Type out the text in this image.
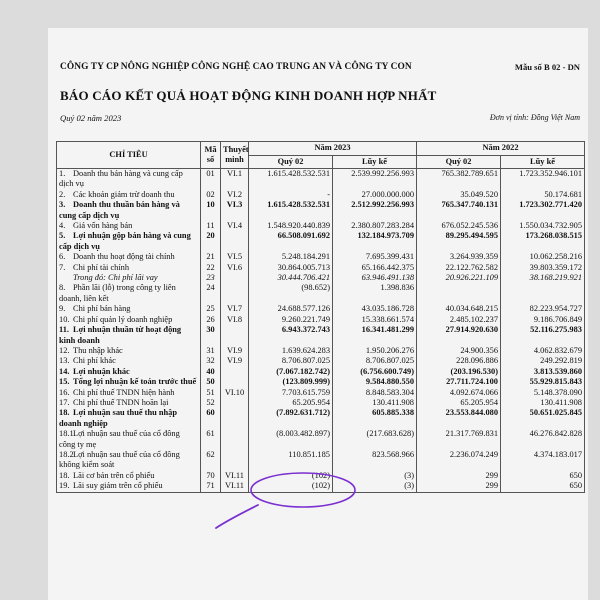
CÔNG TY CP NÔNG NGHIỆP CÔNG NGHỆ CAO TRUNG AN VÀ CÔNG TY CON	Mẫu số B 02 - DN
BÁO CÁO KẾT QUẢ HOẠT ĐỘNG KINH DOANH HỢP NHẤT
Quý 02 năm 2023	Đơn vị tính: Đồng Việt Nam
CHỈ TIÊU	Mã số	Thuyết minh	Năm 2023		Năm 2022	
			Quý 02	Lũy kế	Quý 02	Lũy kế
1. Doanh thu bán hàng và cung cấp dịch vụ	01	VI.1	1.615.428.532.531	2.539.992.256.993	765.382.789.651	1.723.352.946.101
2. Các khoản giảm trừ doanh thu	02	VI.2	-	27.000.000.000	35.049.520	50.174.681
3. Doanh thu thuần bán hàng và cung cấp dịch vụ	10	VI.3	1.615.428.532.531	2.512.992.256.993	765.347.740.131	1.723.302.771.420
4. Giá vốn hàng bán	11	VI.4	1.548.920.440.839	2.380.807.283.284	676.052.245.536	1.550.034.732.905
5. Lợi nhuận gộp bán hàng và cung cấp dịch vụ	20		66.508.091.692	132.184.973.709	89.295.494.595	173.268.038.515
6. Doanh thu hoạt động tài chính	21	VI.5	5.248.184.291	7.695.399.431	3.264.939.359	10.062.258.216
7. Chi phí tài chính	22	VI.6	30.864.005.713	65.166.442.375	22.122.762.582	39.803.359.172
Trong đó: Chi phí lãi vay	23		30.444.706.421	63.946.491.138	20.926.221.109	38.168.219.921
8. Phần lãi (lỗ) trong công ty liên doanh, liên kết	24		(98.652)	1.398.836		
9. Chi phí bán hàng	25	VI.7	24.688.577.126	43.035.186.728	40.034.648.215	82.223.954.727
10. Chi phí quản lý doanh nghiệp	26	VI.8	9.260.221.749	15.338.661.574	2.485.102.237	9.186.706.849
11. Lợi nhuận thuần từ hoạt động kinh doanh	30		6.943.372.743	16.341.481.299	27.914.920.630	52.116.275.983
12. Thu nhập khác	31	VI.9	1.639.624.283	1.950.206.276	24.900.356	4.062.832.679
13. Chi phí khác	32	VI.9	8.706.807.025	8.706.807.025	228.096.886	249.292.819
14. Lợi nhuận khác	40		(7.067.182.742)	(6.756.600.749)	(203.196.530)	3.813.539.860
15. Tổng lợi nhuận kế toán trước thuế	50		(123.809.999)	9.584.880.550	27.711.724.100	55.929.815.843
16. Chi phí thuế TNDN hiện hành	51	VI.10	7.703.615.759	8.848.583.304	4.092.674.066	5.148.378.090
17. Chi phí thuế TNDN hoãn lại	52		65.205.954	130.411.908	65.205.954	130.411.908
18. Lợi nhuận sau thuế thu nhập doanh nghiệp	60		(7.892.631.712)	605.885.338	23.553.844.080	50.651.025.845
18.1Lợi nhuận sau thuế của cổ đông công ty mẹ	61		(8.003.482.897)	(217.683.628)	21.317.769.831	46.276.842.828
18.2Lợi nhuận sau thuế của cổ đông không kiểm soát	62		110.851.185	823.568.966	2.236.074.249	4.374.183.017
18. Lãi cơ bản trên cổ phiếu	70	VI.11	(102)	(3)	299	650
19. Lãi suy giảm trên cổ phiếu	71	VI.11	(102)	(3)	299	650
